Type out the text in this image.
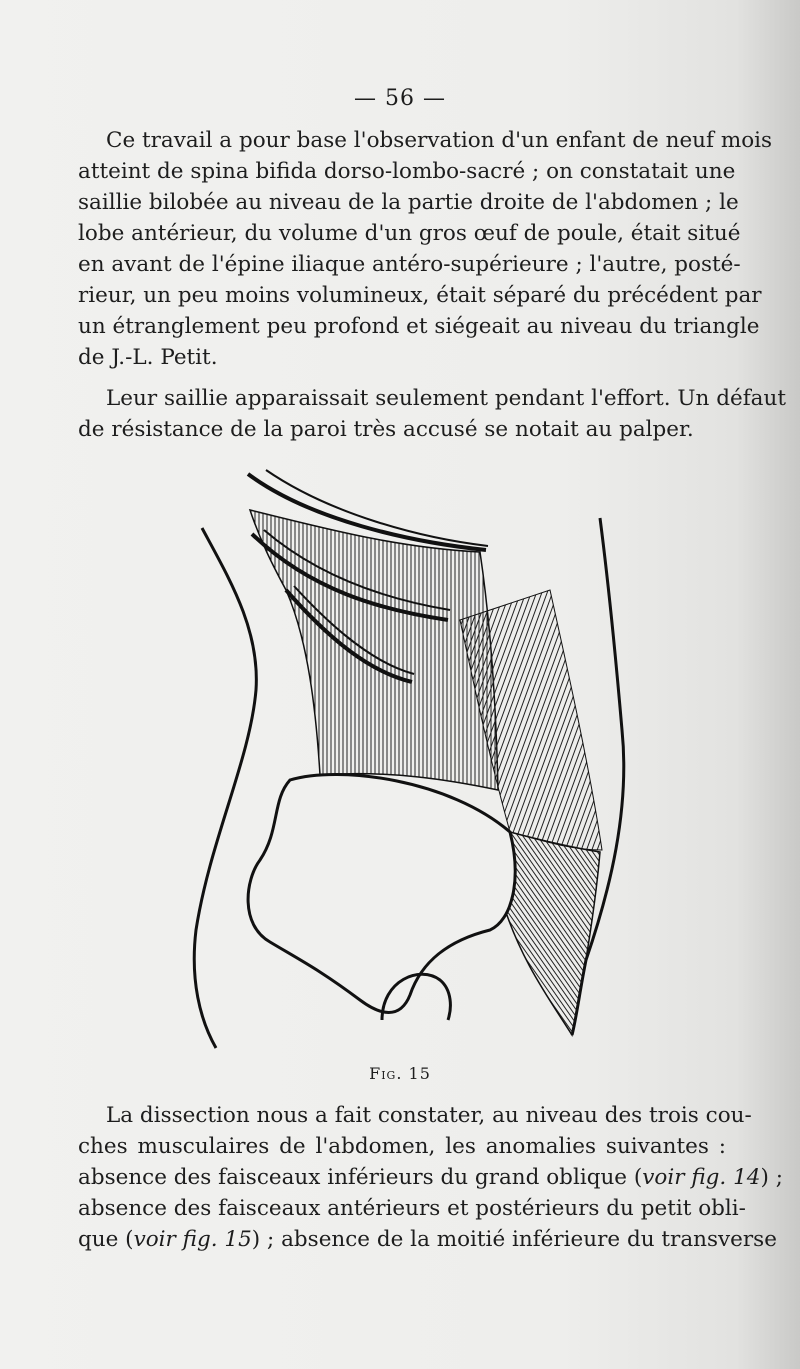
— 56 —
Ce travail a pour base l'observation d'un enfant de neuf mois
atteint de spina bifida dorso-lombo-sacré ; on constatait une
saillie bilobée au niveau de la partie droite de l'abdomen ; le
lobe antérieur, du volume d'un gros œuf de poule, était situé
en avant de l'épine iliaque antéro-supérieure ; l'autre, posté-
rieur, un peu moins volumineux, était séparé du précédent par
un étranglement peu profond et siégeait au niveau du triangle
de J.-L. Petit.
Leur saillie apparaissait seulement pendant l'effort. Un défaut
de résistance de la paroi très accusé se notait au palper.
Fig. 15
La dissection nous a fait constater, au niveau des trois cou-
ches musculaires de l'abdomen, les anomalies suivantes :
absence des faisceaux inférieurs du grand oblique (voir fig. 14) ;
absence des faisceaux antérieurs et postérieurs du petit obli-
que (voir fig. 15) ; absence de la moitié inférieure du transverse
